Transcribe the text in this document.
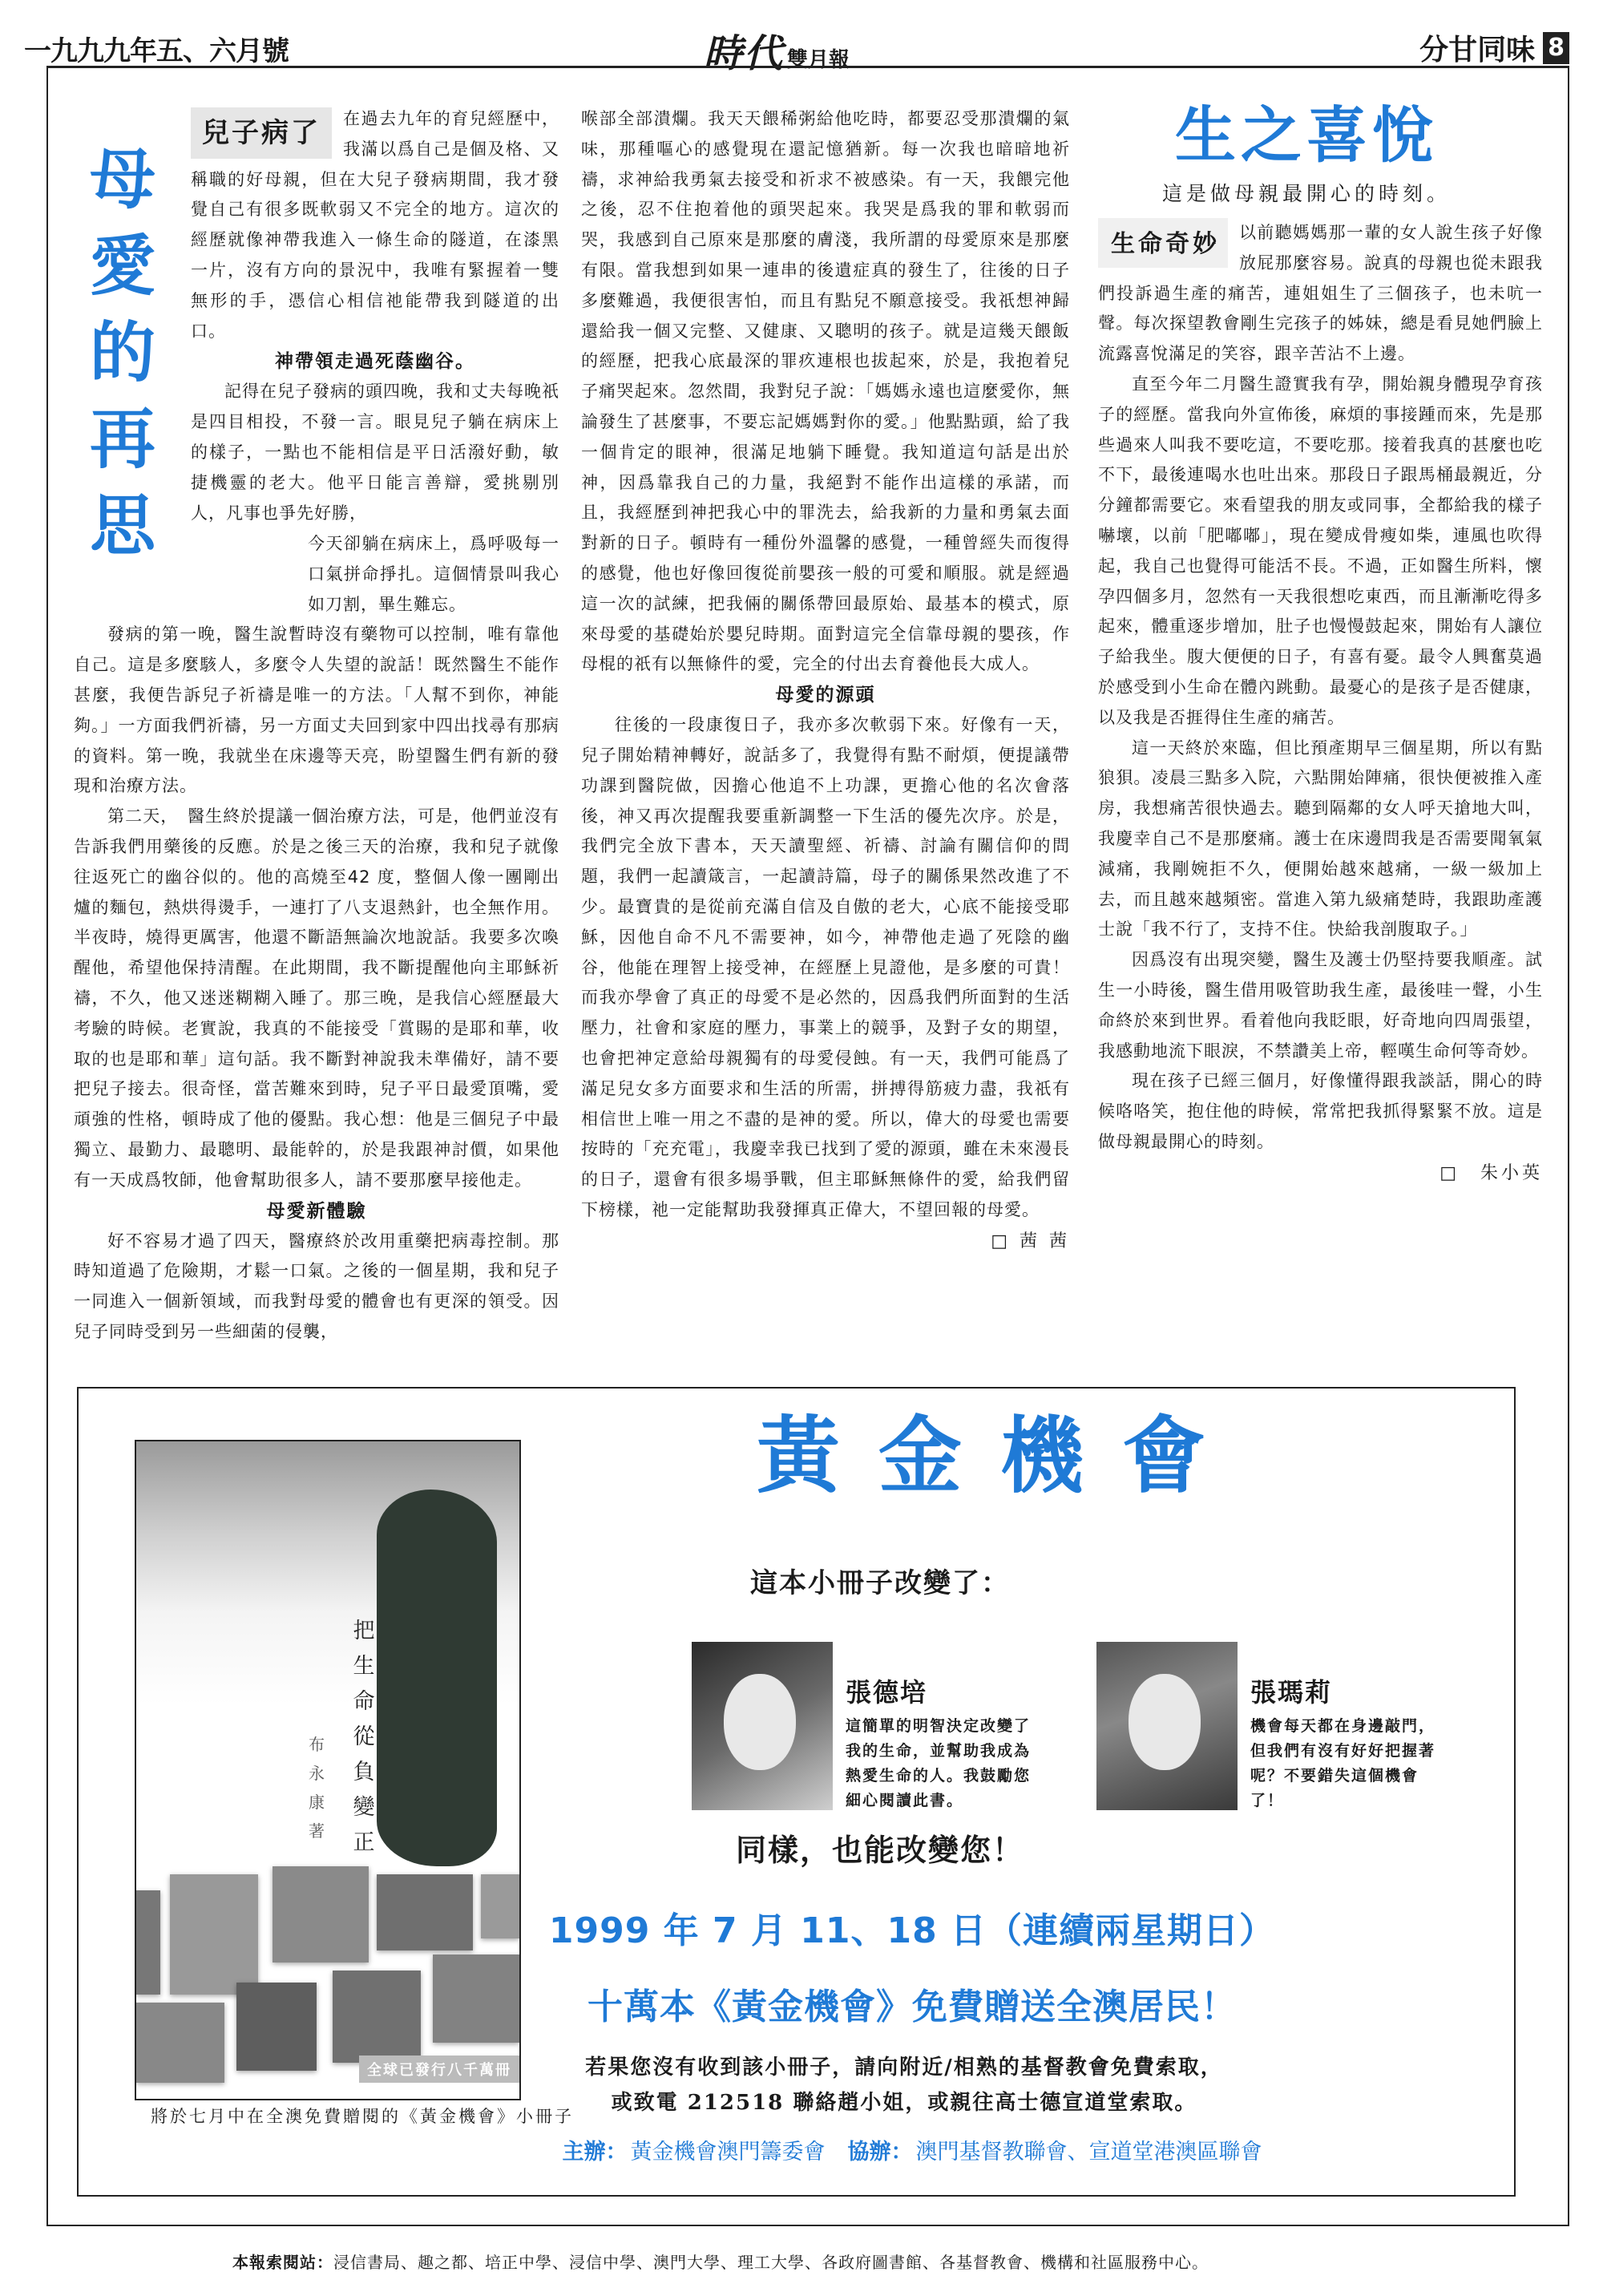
一九九九年五、六月號	時代 雙月報	分甘同味 8
母
愛
的
再
思
兒子病了	在過去九年的育兒經歷中，我滿以爲自己是個及格、又稱職的好母親，但在大兒子發病期間，我才發覺自己有很多既軟弱又不完全的地方。這次的經歷就像神帶我進入一條生命的隧道，在漆黑一片，沒有方向的景況中，我唯有緊握着一雙無形的手，憑信心相信祂能帶我到隧道的出口。

神帶領走過死蔭幽谷。

記得在兒子發病的頭四晚，我和丈夫每晚祇是四目相投，不發一言。眼見兒子躺在病床上的樣子，一點也不能相信是平日活潑好動，敏捷機靈的老大。他平日能言善辯，愛挑剔別人，凡事也爭先好勝，

今天卻躺在病床上，爲呼吸每一口氣拼命掙扎。這個情景叫我心如刀割，畢生難忘。

發病的第一晚，醫生說暫時沒有藥物可以控制，唯有靠他自己。這是多麼駭人，多麼令人失望的說話！既然醫生不能作甚麼，我便告訴兒子祈禱是唯一的方法。「人幫不到你，神能夠。」一方面我們祈禱，另一方面丈夫回到家中四出找尋有那病的資料。第一晚，我就坐在床邊等天亮，盼望醫生們有新的發現和治療方法。

第二天，　醫生終於提議一個治療方法，可是，他們並沒有告訴我們用藥後的反應。於是之後三天的治療，我和兒子就像往返死亡的幽谷似的。他的高燒至42 度，整個人像一團剛出爐的麵包，熱烘得燙手，一連打了八支退熱針，也全無作用。半夜時，燒得更厲害，他還不斷語無論次地說話。我要多次喚醒他，希望他保持清醒。在此期間，我不斷提醒他向主耶穌祈禱，不久，他又迷迷糊糊入睡了。那三晚，是我信心經歷最大考驗的時候。老實說，我真的不能接受「賞賜的是耶和華，收取的也是耶和華」這句話。我不斷對神說我未準備好，請不要把兒子接去。很奇怪，當苦難來到時，兒子平日最愛頂嘴，愛頑強的性格，頓時成了他的優點。我心想：他是三個兒子中最獨立、最勤力、最聰明、最能幹的，於是我跟神討價，如果他有一天成爲牧師，他會幫助很多人，請不要那麼早接他走。

母愛新體驗

好不容易才過了四天，醫療終於改用重藥把病毒控制。那時知道過了危險期，才鬆一口氣。之後的一個星期，我和兒子一同進入一個新領域，而我對母愛的體會也有更深的領受。因兒子同時受到另一些細菌的侵襲，

喉部全部潰爛。我天天餵稀粥給他吃時，都要忍受那潰爛的氣味，那種嘔心的感覺現在還記憶猶新。每一次我也暗暗地祈禱，求神給我勇氣去接受和祈求不被感染。有一天，我餵完他之後，忍不住抱着他的頭哭起來。我哭是爲我的罪和軟弱而哭，我感到自己原來是那麼的膚淺，我所謂的母愛原來是那麼有限。當我想到如果一連串的後遺症真的發生了，往後的日子多麼難過，我便很害怕，而且有點兒不願意接受。我祇想神歸還給我一個又完整、又健康、又聰明的孩子。就是這幾天餵飯的經歷，把我心底最深的罪疚連根也拔起來，於是，我抱着兒子痛哭起來。忽然間，我對兒子說：「媽媽永遠也這麼愛你，無論發生了甚麼事，不要忘記媽媽對你的愛。」他點點頭，給了我一個肯定的眼神，很滿足地躺下睡覺。我知道這句話是出於神，因爲靠我自己的力量，我絕對不能作出這樣的承諾，而且，我經歷到神把我心中的罪洗去，給我新的力量和勇氣去面對新的日子。頓時有一種份外溫馨的感覺，一種曾經失而復得的感覺，他也好像回復從前嬰孩一般的可愛和順服。就是經過這一次的試練，把我倆的關係帶回最原始、最基本的模式，原來母愛的基礎始於嬰兒時期。面對這完全信靠母親的嬰孩，作母棍的祇有以無條件的愛，完全的付出去育養他長大成人。

母愛的源頭

往後的一段康復日子，我亦多次軟弱下來。好像有一天，兒子開始精神轉好，說話多了，我覺得有點不耐煩，便提議帶功課到醫院做，因擔心他追不上功課，更擔心他的名次會落後，神又再次提醒我要重新調整一下生活的優先次序。於是，我們完全放下書本，天天讀聖經、祈禱、討論有關信仰的問題，我們一起讀箴言，一起讀詩篇，母子的關係果然改進了不少。最寶貴的是從前充滿自信及自傲的老大，心底不能接受耶穌，因他自命不凡不需要神，如今，神帶他走過了死陰的幽谷，他能在理智上接受神，在經歷上見證他，是多麼的可貴！而我亦學會了真正的母愛不是必然的，因爲我們所面對的生活壓力，社會和家庭的壓力，事業上的競爭，及對子女的期望，也會把神定意給母親獨有的母愛侵蝕。有一天，我們可能爲了滿足兒女多方面要求和生活的所需，拼搏得筋疲力盡，我祇有相信世上唯一用之不盡的是神的愛。所以，偉大的母愛也需要按時的「充充電」，我慶幸我已找到了愛的源頭，雖在未來漫長的日子，還會有很多場爭戰，但主耶穌無條件的愛，給我們留下榜樣，祂一定能幫助我發揮真正偉大，不望回報的母愛。

□ 茜 茜
生之喜悅
這是做母親最開心的時刻。
生命奇妙	以前聽媽媽那一輩的女人說生孩子好像放屁那麼容易。說真的母親也從未跟我們投訴過生產的痛苦，連姐姐生了三個孩子，也未吭一聲。每次探望教會剛生完孩子的姊妹，總是看見她們臉上流露喜悅滿足的笑容，跟辛苦沾不上邊。

直至今年二月醫生證實我有孕，開始親身體現孕育孩子的經歷。當我向外宣佈後，麻煩的事接踵而來，先是那些過來人叫我不要吃這，不要吃那。接着我真的甚麼也吃不下，最後連喝水也吐出來。那段日子跟馬桶最親近，分分鐘都需要它。來看望我的朋友或同事，全都給我的樣子嚇壞，以前「肥嘟嘟」，現在變成骨瘦如柴，連風也吹得起，我自己也覺得可能活不長。不過，正如醫生所料，懷孕四個多月，忽然有一天我很想吃東西，而且漸漸吃得多起來，體重逐步增加，肚子也慢慢鼓起來，開始有人讓位子給我坐。腹大便便的日子，有喜有憂。最令人興奮莫過於感受到小生命在體內跳動。最憂心的是孩子是否健康，以及我是否捱得住生產的痛苦。

這一天終於來臨，但比預產期早三個星期，所以有點狼狽。凌晨三點多入院，六點開始陣痛，很快便被推入產房，我想痛苦很快過去。聽到隔鄰的女人呼天搶地大叫，我慶幸自己不是那麼痛。護士在床邊問我是否需要聞氧氣減痛，我剛婉拒不久，便開始越來越痛，一級一級加上去，而且越來越頻密。當進入第九級痛楚時，我跟助產護士說「我不行了，支持不住。快給我剖腹取子。」

因爲沒有出現突變，醫生及護士仍堅持要我順產。試生一小時後，醫生借用吸管助我生產，最後哇一聲，小生命終於來到世界。看着他向我眨眼，好奇地向四周張望，我感動地流下眼淚，不禁讚美上帝，輕嘆生命何等奇妙。

現在孩子已經三個月，好像懂得跟我談話，開心的時候咯咯笑，抱住他的時候，常常把我抓得緊緊不放。這是做母親最開心的時刻。

□　朱小英
把生命從負變正
布永康 著
全球已發行八千萬冊
將於七月中在全澳免費贈閱的《黃金機會》小冊子
黃金機會
這本小冊子改變了：
張德培
這簡單的明智決定改變了我的生命，並幫助我成為熱愛生命的人。我鼓勵您細心閱讀此書。
張瑪莉
機會每天都在身邊敲門，但我們有沒有好好把握著呢？不要錯失這個機會了！
同樣，也能改變您！
1999 年 7 月 11、18 日（連續兩星期日）
十萬本《黃金機會》免費贈送全澳居民！
若果您沒有收到該小冊子，請向附近/相熟的基督教會免費索取，
或致電 212518 聯絡趙小姐，或親往高士德宣道堂索取。
主辦： 黃金機會澳門籌委會 協辦： 澳門基督教聯會、宣道堂港澳區聯會
本報索閱站：浸信書局、趣之都、培正中學、浸信中學、澳門大學、理工大學、各政府圖書館、各基督教會、機構和社區服務中心。
